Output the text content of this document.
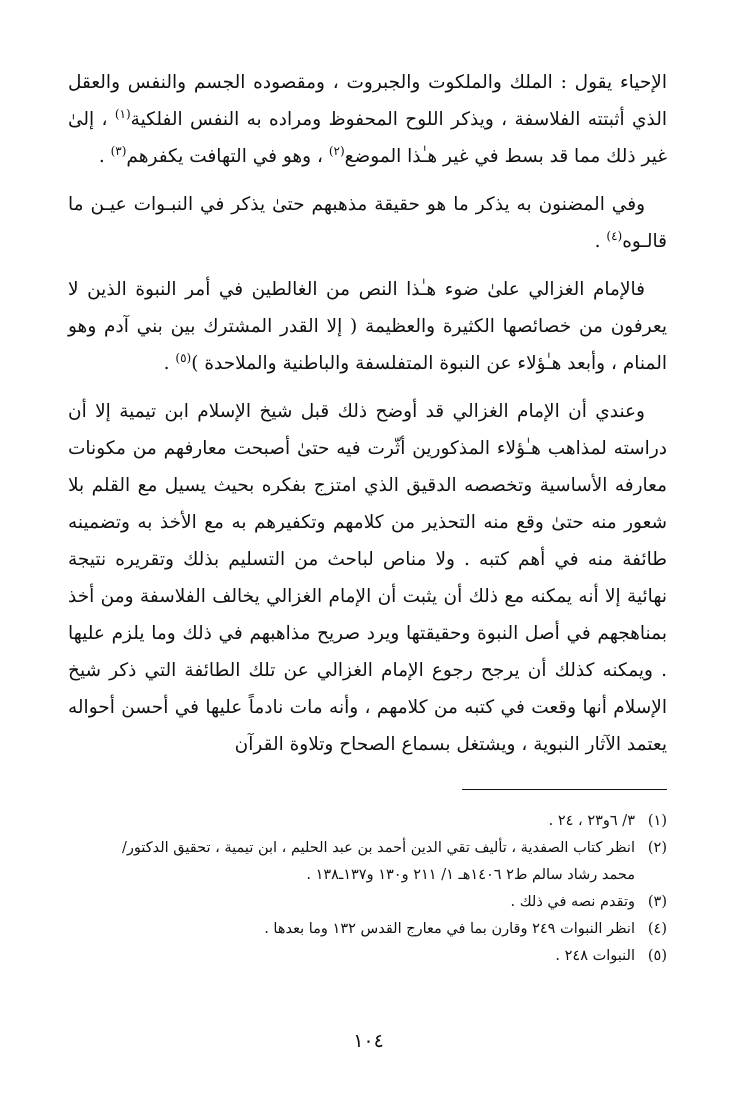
الإحياء يقول : الملك والملكوت والجبروت ، ومقصوده الجسم والنفس والعقل الذي أثبتته الفلاسفة ، ويذكر اللوح المحفوظ ومراده به النفس الفلكية$^{(١)}$ ، إلىٰ غير ذلك مما قد بسط في غير هـٰذا الموضع$^{(٢)}$ ، وهو في التهافت يكفرهم$^{(٣)}$ .

وفي المضنون به يذكر ما هو حقيقة مذهبهم حتىٰ يذكر في النبـوات عيـن ما قالـوه$^{(٤)}$ .

فالإمام الغزالي علىٰ ضوء هـٰذا النص من الغالطين في أمر النبوة الذين لا يعرفون من خصائصها الكثيرة والعظيمة ( إلا القدر المشترك بين بني آدم وهو المنام ، وأبعد هـٰؤلاء عن النبوة المتفلسفة والباطنية والملاحدة )$^{(٥)}$ .

وعندي أن الإمام الغزالي قد أوضح ذلك قبل شيخ الإسلام ابن تيمية إلا أن دراسته لمذاهب هـٰؤلاء المذكورين أثّرت فيه حتىٰ أصبحت معارفهم من مكونات معارفه الأساسية وتخصصه الدقيق الذي امتزج بفكره بحيث يسيل مع القلم بلا شعور منه حتىٰ وقع منه التحذير من كلامهم وتكفيرهم به مع الأخذ به وتضمينه طائفة منه في أهم كتبه . ولا مناص لباحث من التسليم بذلك وتقريره نتيجة نهائية إلا أنه يمكنه مع ذلك أن يثبت أن الإمام الغزالي يخالف الفلاسفة ومن أخذ بمناهجهم في أصل النبوة وحقيقتها ويرد صريح مذاهبهم في ذلك وما يلزم عليها . ويمكنه كذلك أن يرجح رجوع الإمام الغزالي عن تلك الطائفة التي ذكر شيخ الإسلام أنها وقعت في كتبه من كلامهم ، وأنه مات نادماً عليها في أحسن أحواله يعتمد الآثار النبوية ، ويشتغل بسماع الصحاح وتلاوة القرآن

(١)
٣/ ٦و٢٣ ، ٢٤ .
(٢)
انظر كتاب الصفدية ، تأليف تقي الدين أحمد بن عبد الحليم ، ابن تيمية ، تحقيق الدكتور/
محمد رشاد سالم ط٢ ١٤٠٦هـ ١/ ٢١١ و١٣٠ و١٣٧ـ١٣٨ .
(٣)
وتقدم نصه في ذلك .
(٤)
انظر النبوات ٢٤٩ وقارن بما في معارج القدس ١٣٢ وما بعدها .
(٥)
النبوات ٢٤٨ .
١٠٤
